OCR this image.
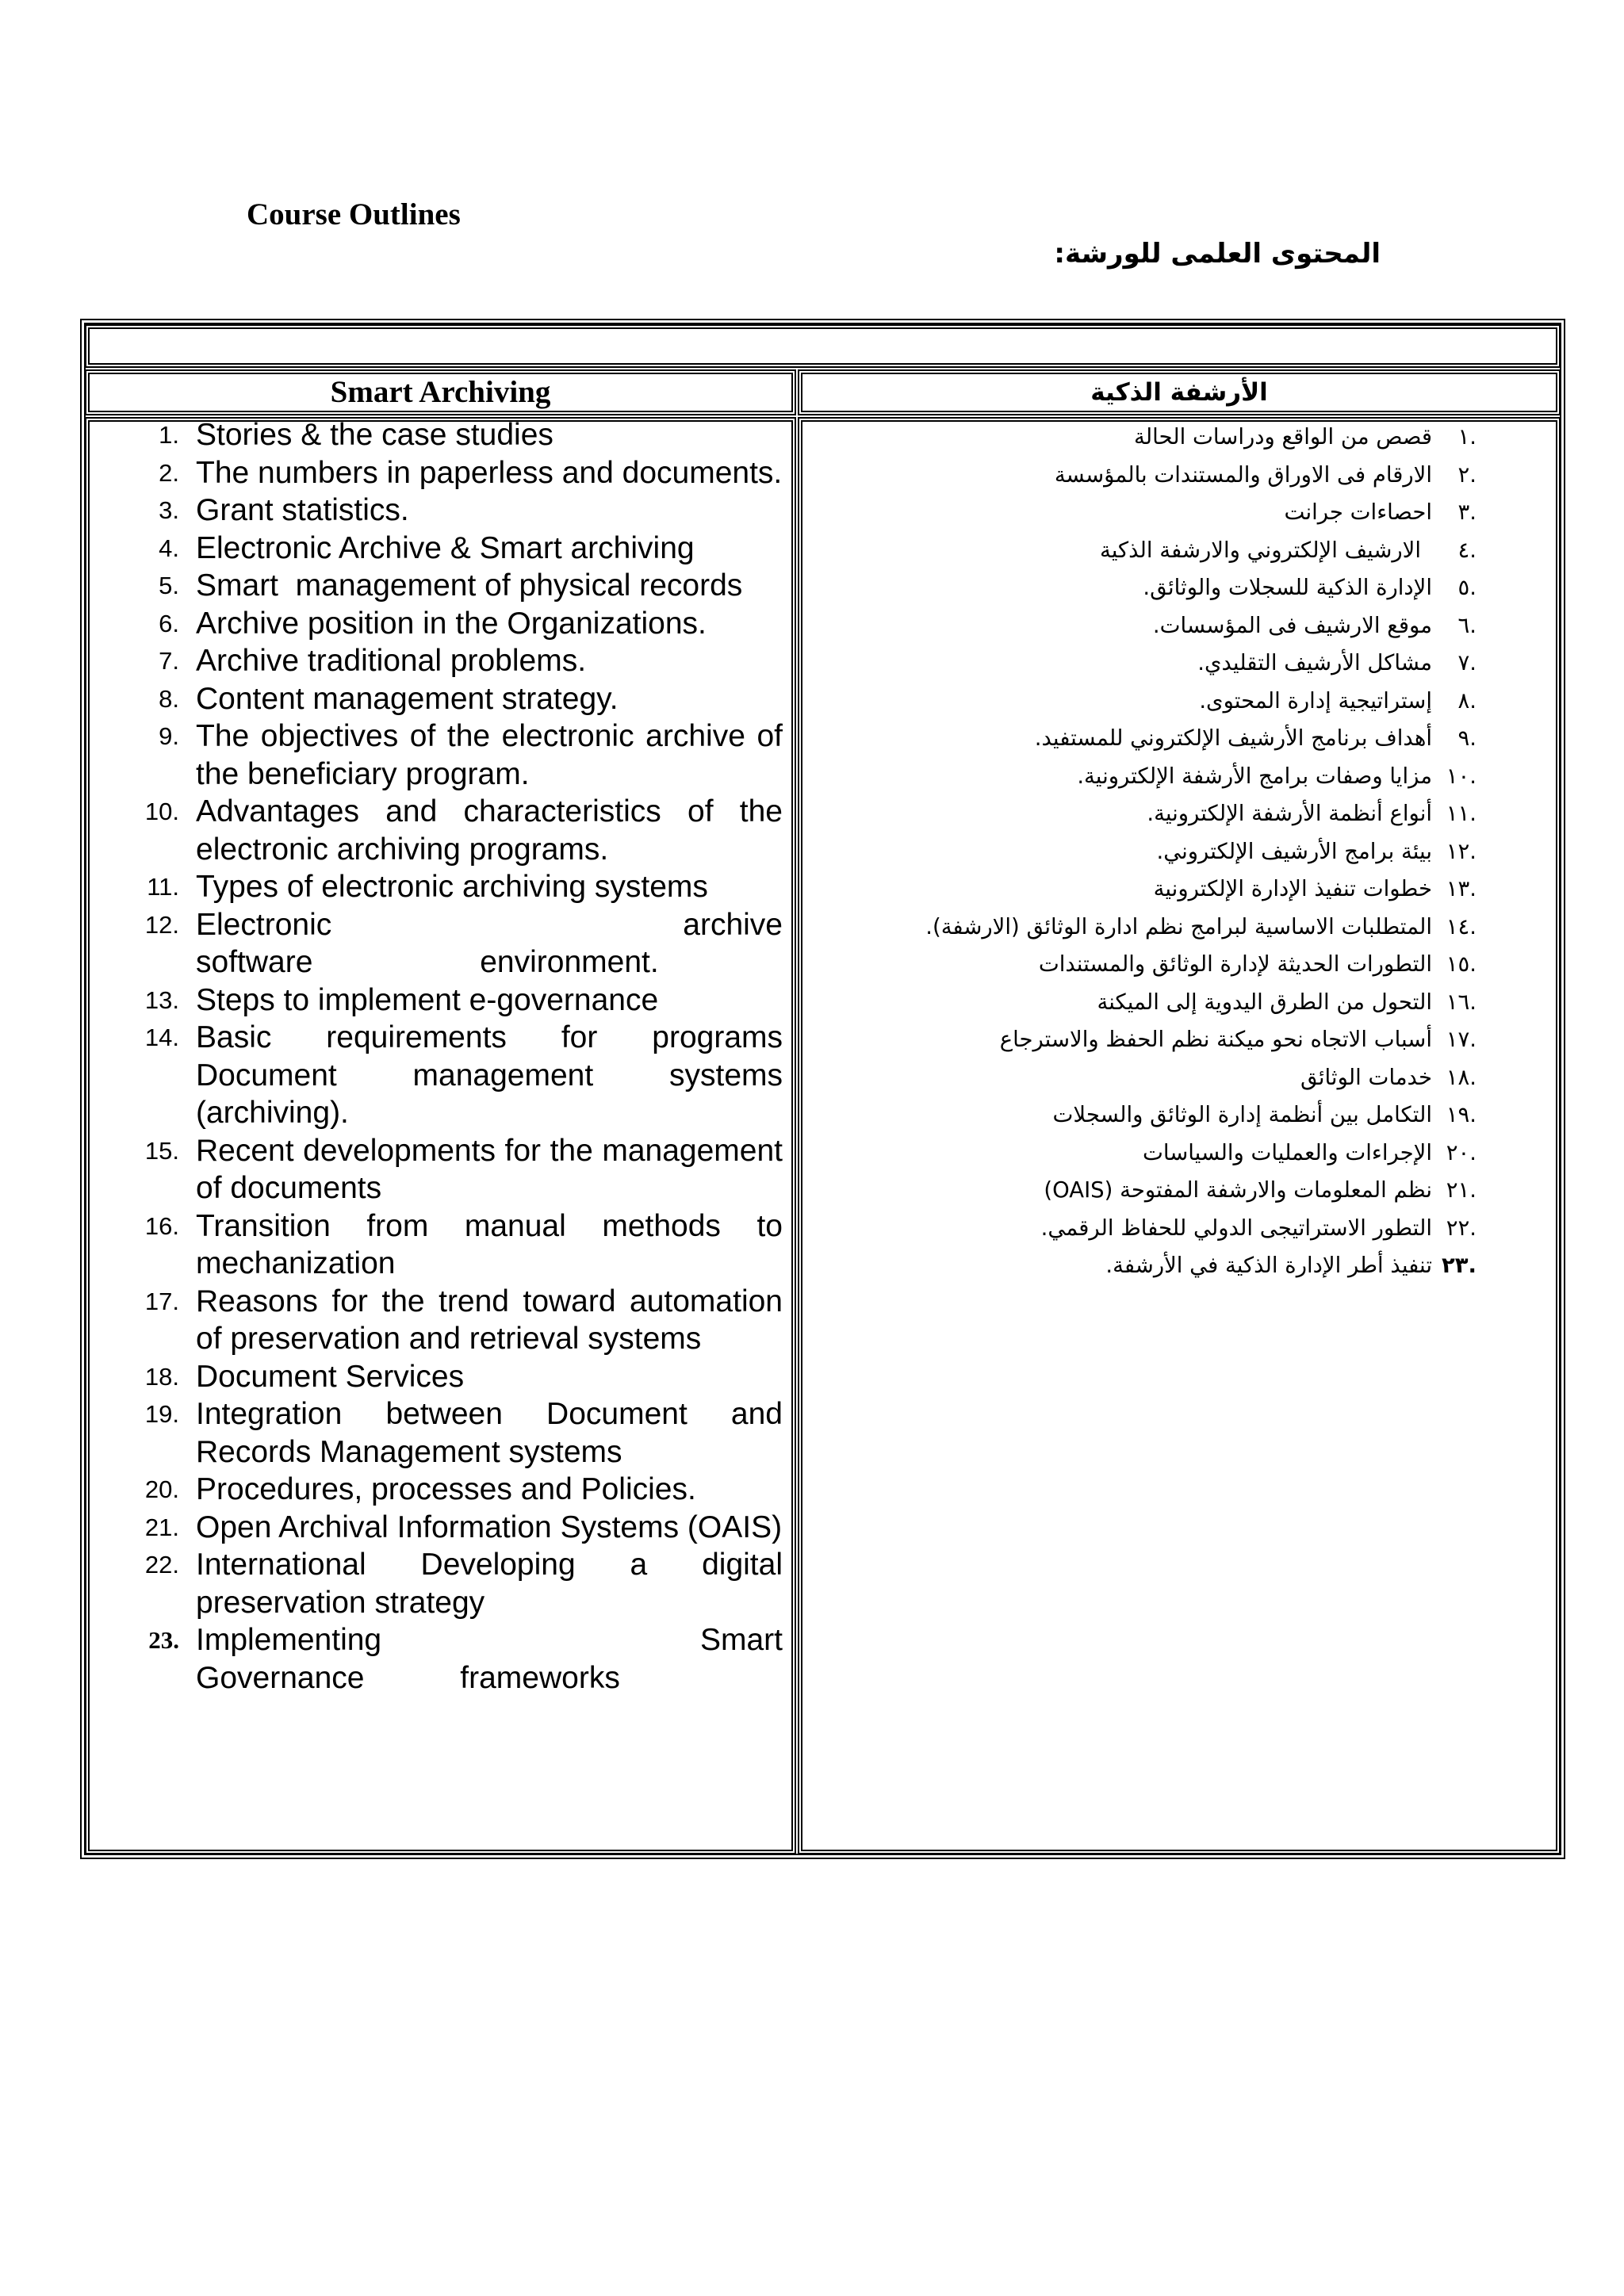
Course Outlines
المحتوى العلمى للورشة:
Smart Archiving	الأرشفة الذكية
1. Stories & the case studies
2. The numbers in paperless and documents.
3. Grant statistics.
4. Electronic Archive & Smart archiving
5. Smart  management of physical records
6. Archive position in the Organizations.
7. Archive traditional problems.
8. Content management strategy.
9. The objectives of the electronic archive of the beneficiary program.
10. Advantages and characteristics of the electronic archiving programs.
11. Types of electronic archiving systems
12. Electronic archive software environment.
13. Steps to implement e-governance
14. Basic requirements for programs Document management systems (archiving).
15. Recent developments for the management of documents
16. Transition from manual methods to mechanization
17. Reasons for the trend toward automation of preservation and retrieval systems
18. Document Services
19. Integration between Document and Records Management systems
20. Procedures, processes and Policies.
21. Open Archival Information Systems (OAIS)
22. International Developing a digital preservation strategy
23. Implementing Smart Governance frameworks
.١
قصص من الواقع ودراسات الحالة
.٢
الارقام فى الاوراق والمستندات بالمؤسسة
.٣
احصاءات جرانت
.٤
الارشيف الإلكتروني والارشفة الذكية
.٥
الإدارة الذكية للسجلات والوثائق.
.٦
موقع الارشيف فى المؤسسات.
.٧
مشاكل الأرشيف التقليدي.
.٨
إستراتيجية إدارة المحتوى.
.٩
أهداف برنامج الأرشيف الإلكتروني للمستفيد.
.١٠
مزايا وصفات برامج الأرشفة الإلكترونية.
.١١
أنواع أنظمة الأرشفة الإلكترونية.
.١٢
بيئة برامج الأرشيف الإلكتروني.
.١٣
خطوات تنفيذ الإدارة الإلكترونية
.١٤
المتطلبات الاساسية لبرامج نظم ادارة الوثائق (الارشفة).
.١٥
التطورات الحديثة لإدارة الوثائق والمستندات
.١٦
التحول من الطرق اليدوية إلى الميكنة
.١٧
أسباب الاتجاه نحو ميكنة نظم الحفظ والاسترجاع
.١٨
خدمات الوثائق
.١٩
التكامل بين أنظمة إدارة الوثائق والسجلات
.٢٠
الإجراءات والعمليات والسياسات
.٢١
نظم المعلومات والارشفة المفتوحة (OAIS)
.٢٢
التطور الاستراتيجى الدولي للحفاظ الرقمي.
.٢٣
تنفيذ أطر الإدارة الذكية في الأرشفة.
